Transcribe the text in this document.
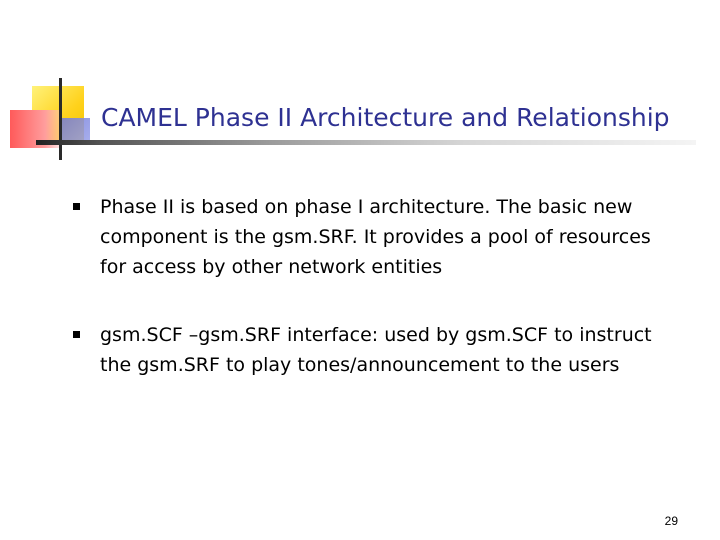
CAMEL Phase II Architecture and Relationship
Phase II is based on phase I architecture. The basic new component is the gsm.SRF. It provides a pool of resources for access by other network entities
gsm.SCF –gsm.SRF interface: used by gsm.SCF to instruct the gsm.SRF to play tones/announcement to the users
29
